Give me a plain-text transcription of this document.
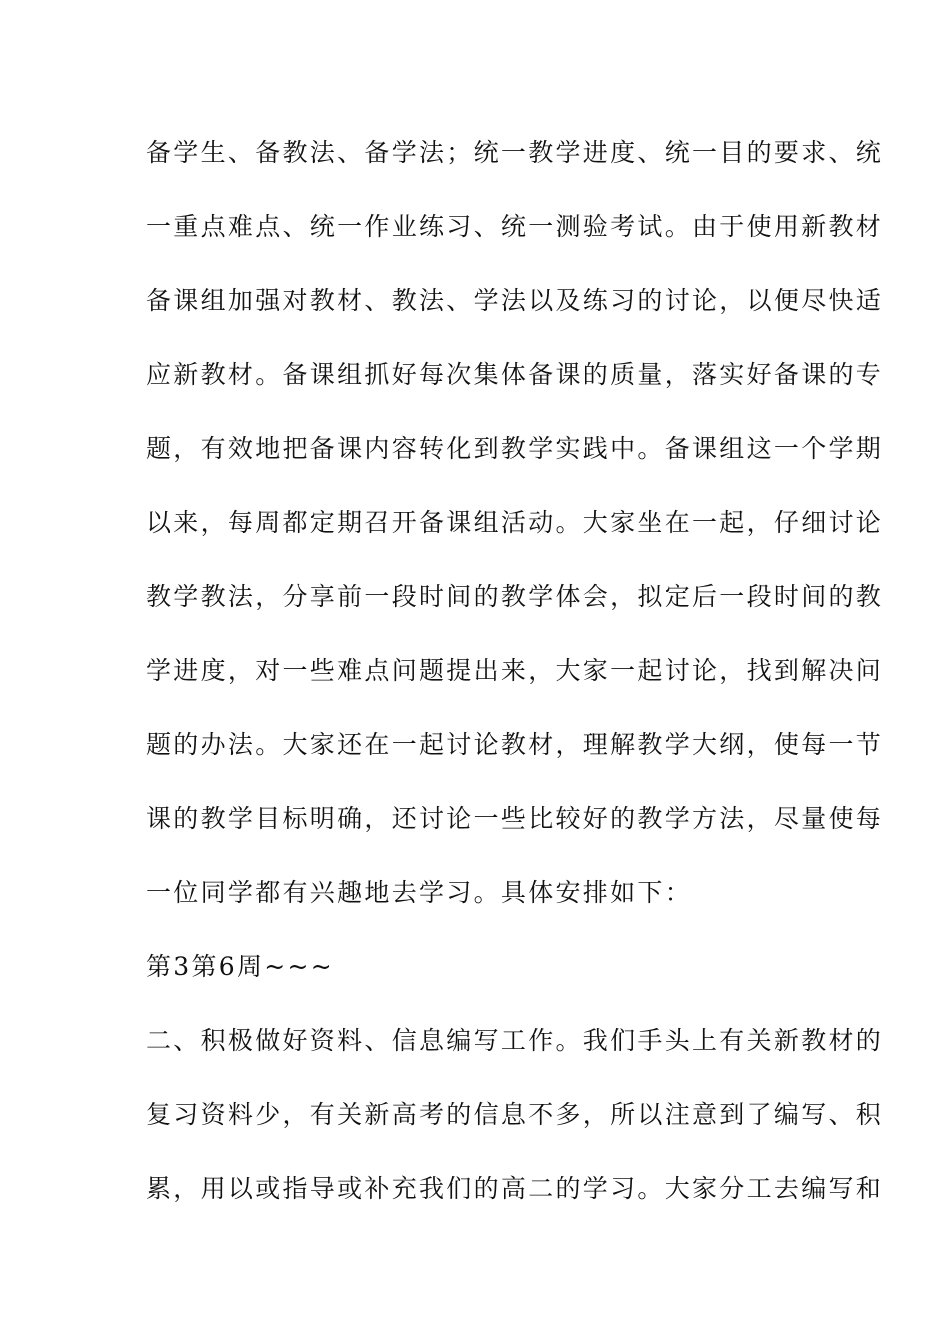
备学生、备教法、备学法；统一教学进度、统一目的要求、统
一重点难点、统一作业练习、统一测验考试。由于使用新教材
备课组加强对教材、教法、学法以及练习的讨论，以便尽快适
应新教材。备课组抓好每次集体备课的质量，落实好备课的专
题，有效地把备课内容转化到教学实践中。备课组这一个学期
以来，每周都定期召开备课组活动。大家坐在一起，仔细讨论
教学教法，分享前一段时间的教学体会，拟定后一段时间的教
学进度，对一些难点问题提出来，大家一起讨论，找到解决问
题的办法。大家还在一起讨论教材，理解教学大纲，使每一节
课的教学目标明确，还讨论一些比较好的教学方法，尽量使每
一位同学都有兴趣地去学习。具体安排如下：
第3第6周~~~
二、积极做好资料、信息编写工作。我们手头上有关新教材的
复习资料少，有关新高考的信息不多，所以注意到了编写、积
累，用以或指导或补充我们的高二的学习。大家分工去编写和
